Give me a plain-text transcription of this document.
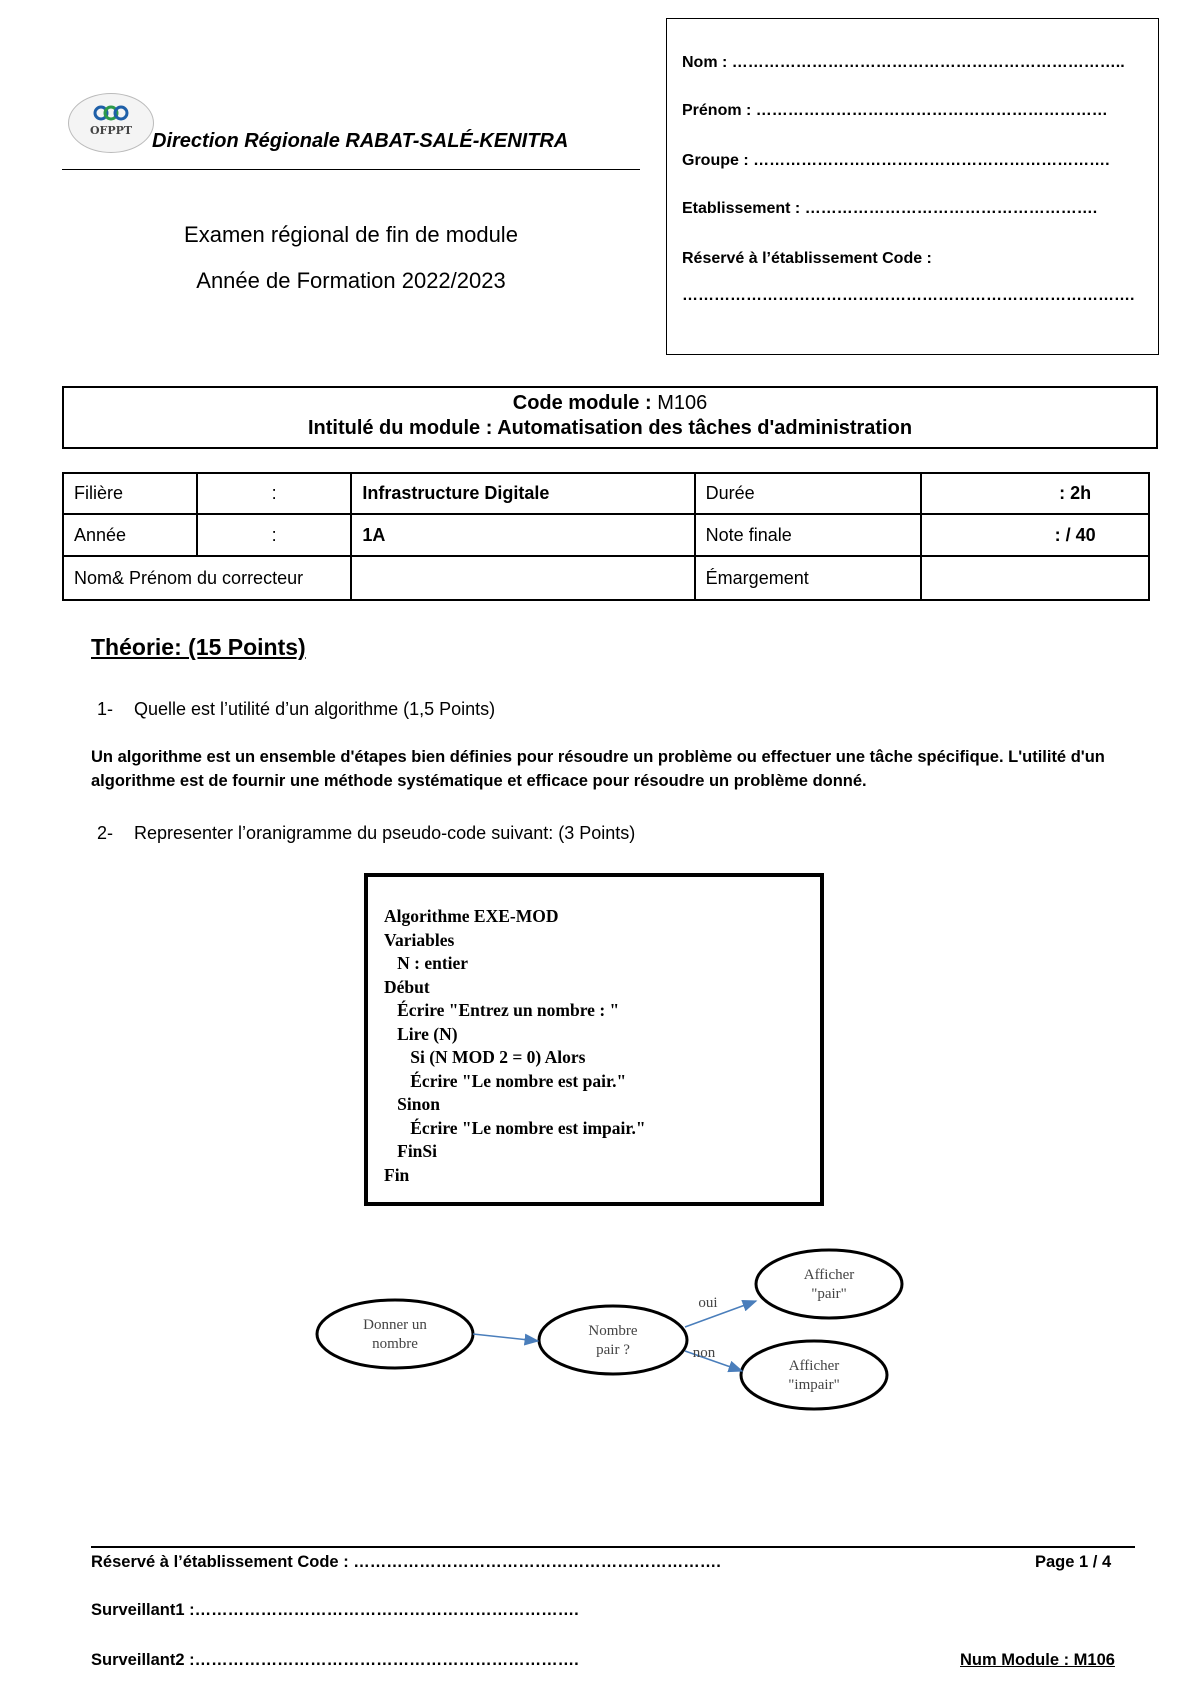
OFPPT Direction Régionale RABAT-SALÉ-KENITRA
Examen régional de fin de module
Année de Formation 2022/2023
Nom : ………………………………………………………………..
Prénom : …………………………………………………………
Groupe : ………………………………………………………….
Etablissement : ……………………………………………….
Réservé à l’établissement Code :
………………………………………………………………………….
Code module : M106
Intitulé du module : Automatisation des tâches d'administration
Filière	:	Infrastructure Digitale	Durée	: 2h
Année	:	1A	Note finale	: / 40
Nom& Prénom du correcteur			Émargement	
Théorie: (15 Points)
1- Quelle est l’utilité d’un algorithme (1,5 Points)
Un algorithme est un ensemble d'étapes bien définies pour résoudre un problème ou effectuer une tâche spécifique. L'utilité d'un algorithme est de fournir une méthode systématique et efficace pour résoudre un problème donné.
2- Representer l’oranigramme du pseudo-code suivant: (3 Points)
Algorithme EXE-MOD
Variables
N : entier
Début
Écrire "Entrez un nombre : "
Lire (N)
Si (N MOD 2 = 0) Alors
Écrire "Le nombre est pair."
Sinon
Écrire "Le nombre est impair."
FinSi
Fin
Donner un
nombre
Nombre
pair ?
Afficher
"pair"
Afficher
"impair"
oui
non
Réservé à l’établissement Code : ………………………………………………………….	Page 1 / 4
Surveillant1 :…………………………………………………………….
Surveillant2 :…………………………………………………………….	Num Module : M106
